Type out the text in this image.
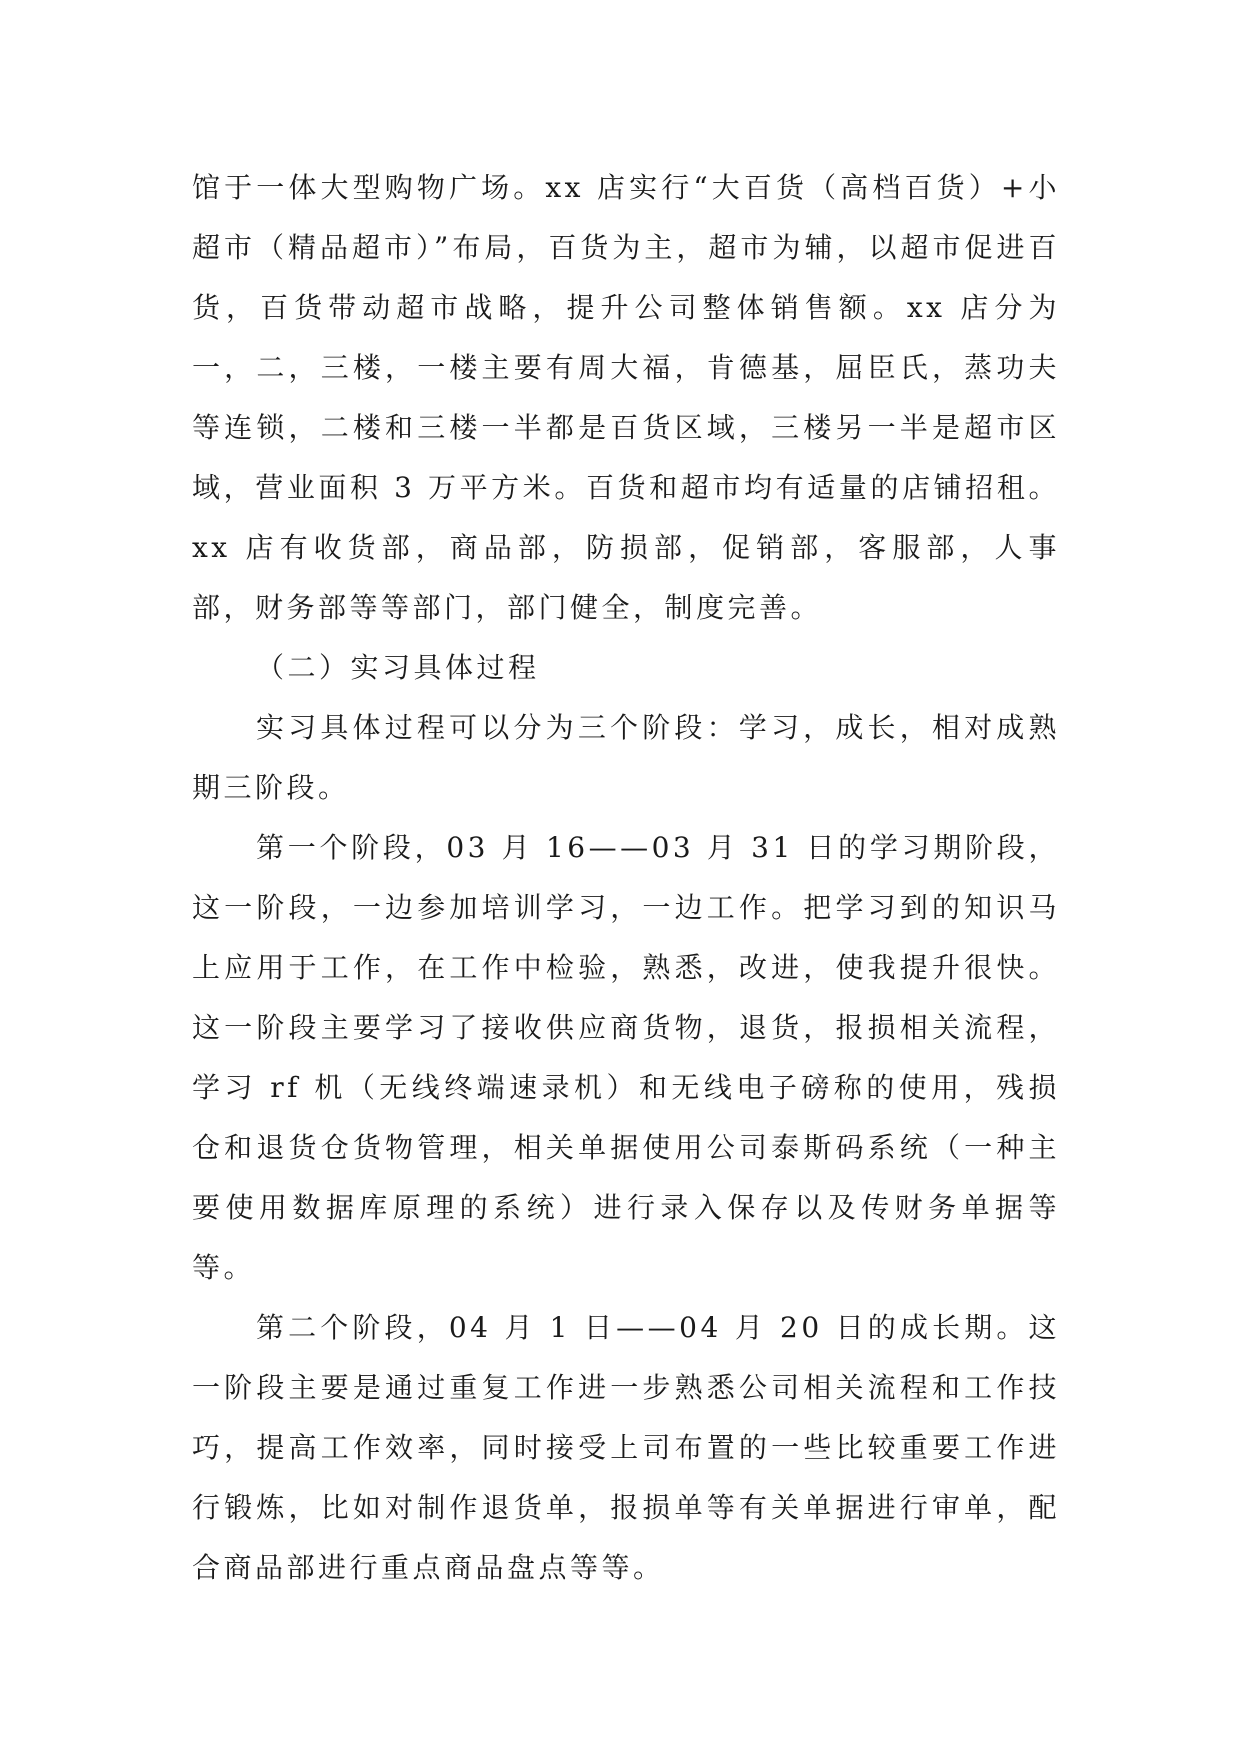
馆于一体大型购物广场。xx 店实行“大百货（高档百货）+小超市（精品超市）”布局，百货为主，超市为辅，以超市促进百货，百货带动超市战略，提升公司整体销售额。xx 店分为一，二，三楼，一楼主要有周大福，肯德基，屈臣氏，蒸功夫等连锁，二楼和三楼一半都是百货区域，三楼另一半是超市区域，营业面积 3 万平方米。百货和超市均有适量的店铺招租。xx 店有收货部，商品部，防损部，促销部，客服部，人事部，财务部等等部门，部门健全，制度完善。

（二）实习具体过程

实习具体过程可以分为三个阶段：学习，成长，相对成熟期三阶段。

第一个阶段，03 月 16——03 月 31 日的学习期阶段，这一阶段，一边参加培训学习，一边工作。把学习到的知识马上应用于工作，在工作中检验，熟悉，改进，使我提升很快。这一阶段主要学习了接收供应商货物，退货，报损相关流程，学习 rf 机（无线终端速录机）和无线电子磅称的使用，残损仓和退货仓货物管理，相关单据使用公司泰斯码系统（一种主要使用数据库原理的系统）进行录入保存以及传财务单据等等。

第二个阶段，04 月 1 日——04 月 20 日的成长期。这一阶段主要是通过重复工作进一步熟悉公司相关流程和工作技巧，提高工作效率，同时接受上司布置的一些比较重要工作进行锻炼，比如对制作退货单，报损单等有关单据进行审单，配合商品部进行重点商品盘点等等。
